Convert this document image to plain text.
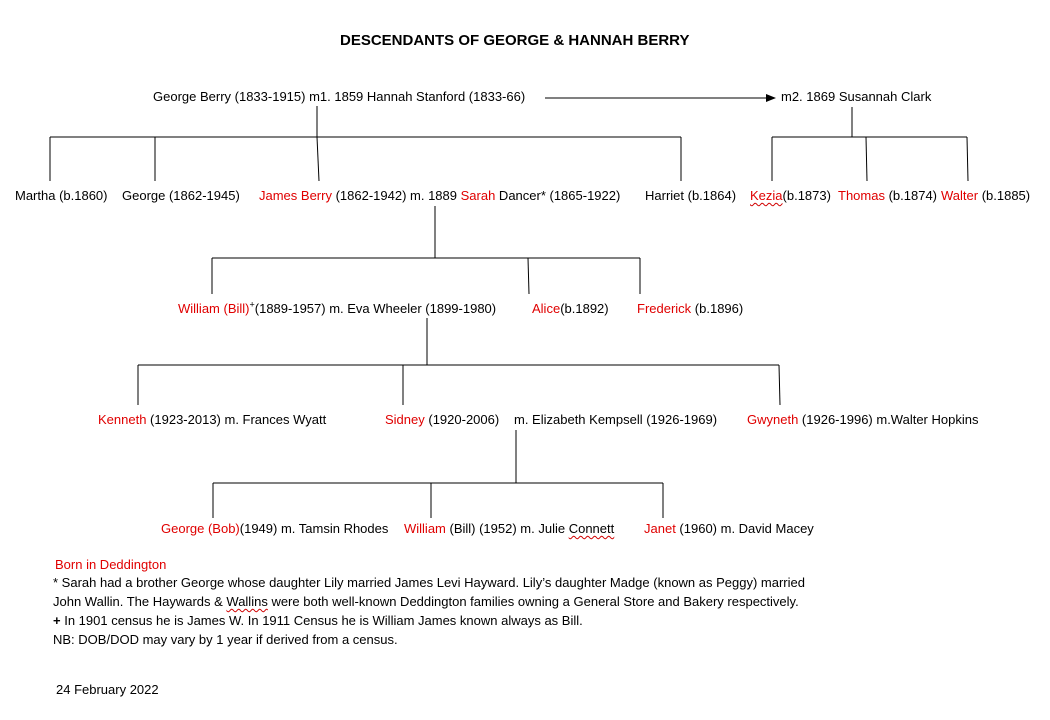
DESCENDANTS OF GEORGE & HANNAH BERRY
George Berry (1833-1915) m1. 1859 Hannah Stanford (1833-66)	m2. 1869 Susannah Clark
Martha (b.1860) George (1862-1945) James Berry (1862-1942) m. 1889 Sarah Dancer* (1865-1922) Harriet (b.1864) Kezia(b.1873) Thomas (b.1874) Walter (b.1885)
William (Bill)+(1889-1957) m. Eva Wheeler (1899-1980)	Alice(b.1892) Frederick (b.1896)
Kenneth (1923-2013) m. Frances Wyatt	Sidney (1920-2006) m. Elizabeth Kempsell (1926-1969) Gwyneth (1926-1996) m.Walter Hopkins
George (Bob)(1949) m. Tamsin Rhodes William (Bill) (1952) m. Julie Connett Janet (1960) m. David Macey
Born in Deddington
* Sarah had a brother George whose daughter Lily married James Levi Hayward. Lily’s daughter Madge (known as Peggy) married
John Wallin. The Haywards & Wallins were both well-known Deddington families owning a General Store and Bakery respectively.
+ In 1901 census he is James W. In 1911 Census he is William James known always as Bill.
NB: DOB/DOD may vary by 1 year if derived from a census.
24 February 2022
